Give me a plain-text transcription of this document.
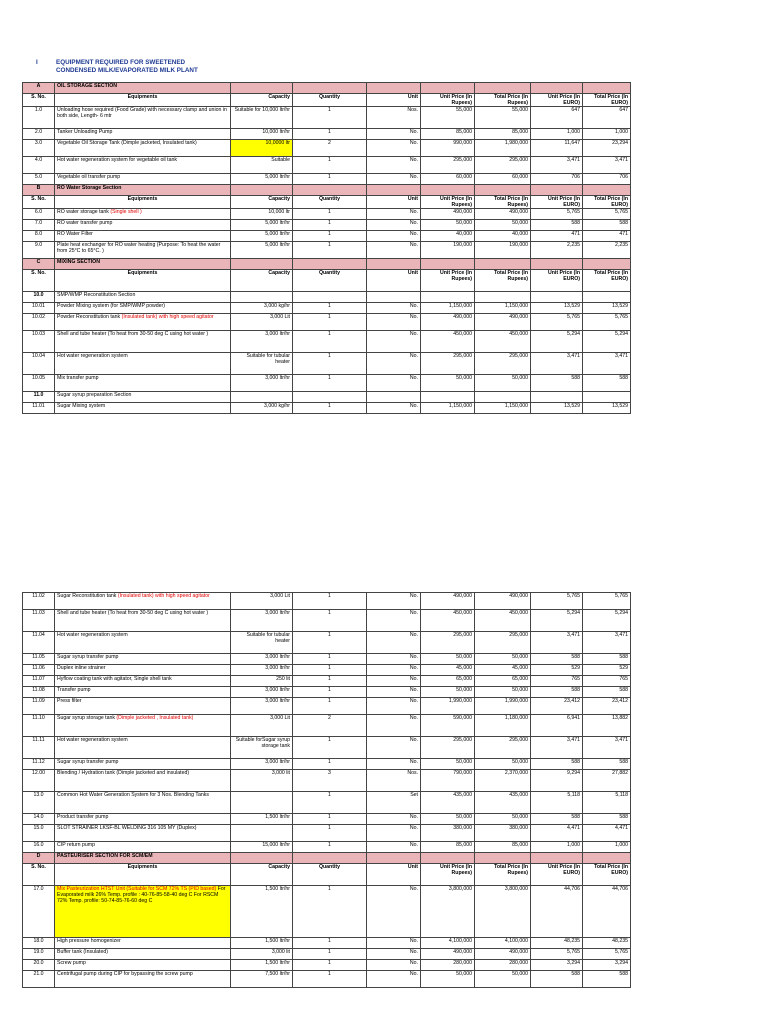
I	EQUIPMENT REQUIRED FOR SWEETENED
CONDENSED MILK/EVAPORATED MILK PLANT
A	OIL STORAGE SECTION							
S. No.	Equipments	Capacity	Quantity	Unit	Unit Price (In Rupees)	Total Price (In Rupees)	Unit Price (In EURO)	Total Price (In EURO)
1.0	Unloading hose required (Food Grade) with necessary clamp and union in both side, Length- 6 mtr	Suitable for 10,000 ltr/hr	1	Nos.	55,000	55,000	647	647
2.0	Tanker Unloading Pump	10,000 ltr/hr	1	No.	85,000	85,000	1,000	1,000
3.0	Vegetable Oil Storage Tank (Dimple jacketed, Insulated tank)	10,0000 ltr	2	No.	990,000	1,980,000	11,647	23,294
4.0	Hot water regeneration system for vegetable oil tank	Suitable	1	No.	295,000	295,000	3,471	3,471
5.0	Vegetable oil transfer pump	5,000 ltr/hr	1	No.	60,000	60,000	706	706
B	RO Water Storage Section							
S. No.	Equipments	Capacity	Quantity	Unit	Unit Price (In Rupees)	Total Price (In Rupees)	Unit Price (In EURO)	Total Price (In EURO)
6.0	RO water storage tank (Single shell )	10,000 ltr	1	No.	490,000	490,000	5,765	5,765
7.0	RO water transfer pump	5,000 ltr/hr	1	No.	50,000	50,000	588	588
8.0	RO Water Filter	5,000 ltr/hr	1	No.	40,000	40,000	471	471
9.0	Plate heat exchanger for RO water heating (Purpose: To heat the water from 25°C to 65°C. )	5,000 ltr/hr	1	No.	190,000	190,000	2,235	2,235
C	MIXING SECTION							
S. No.	Equipments	Capacity	Quantity	Unit	Unit Price (In Rupees)	Total Price (In Rupees)	Unit Price (In EURO)	Total Price (In EURO)
10.0	SMP/WMP Reconstitution Section							
10.01	Powder Mixing system (for SMP/WMP powder)	3,000 kg/hr	1	No.	1,150,000	1,150,000	13,529	13,529
10.02	Powder Reconstitution tank (Insulated tank) with high speed agitator	3,000 Lit	1	No.	490,000	490,000	5,765	5,765
10.03	Shell and tube heater (To heat from 30-50 deg C using hot water )	3,000 ltr/hr	1	No.	450,000	450,000	5,294	5,294
10.04	Hot water regeneration system	Suitable for tubular heater	1	No.	295,000	295,000	3,471	3,471
10.05	Mix transfer pump	3,000 ltr/hr	1	No.	50,000	50,000	588	588
11.0	Sugar syrup preparation Section							
11.01	Sugar Mixing system	3,000 kg/hr	1	No.	1,150,000	1,150,000	13,529	13,529
11.02	Sugar Reconstitution tank (Insulated tank) with high speed agitator	3,000 Lit	1	No.	490,000	490,000	5,765	5,765
11.03	Shell and tube heater (To heat from 30-50 deg C using hot water )	3,000 ltr/hr	1	No.	450,000	450,000	5,294	5,294
11.04	Hot water regeneration system	Suitable for tubular heater	1	No.	295,000	295,000	3,471	3,471
11.05	Sugar syrup transfer pump	3,000 ltr/hr	1	No.	50,000	50,000	588	588
11.06	Duplex inline strainer	3,000 ltr/hr	1	No.	45,000	45,000	529	529
11.07	Hyflow coating tank with agitator, Single shell tank	250 lit	1	No.	65,000	65,000	765	765
11.08	Transfer pump	3,000 ltr/hr	1	No.	50,000	50,000	588	588
11.09	Press filter	3,000 ltr/hr	1	No.	1,990,000	1,990,000	23,412	23,412
11.10	Sugar syrup storage tank (Dimple jacketed , Insulated tank)	3,000 Lit	2	No.	590,000	1,180,000	6,941	13,882
11.11	Hot water regeneration system	Suitable forSugar syrup storage tank	1	No.	295,000	295,000	3,471	3,471
11.12	Sugar syrup transfer pump	3,000 ltr/hr	1	No.	50,000	50,000	588	588
12.00	Blending / Hydration tank (Dimple jacketed and insulated)	3,000 lit	3	Nos.	790,000	2,370,000	9,294	27,882
13.0	Common Hot Water Generation System for 3 Nos. Blending Tanks		1	Set	435,000	435,000	5,118	5,118
14.0	Product transfer pump	1,500 ltr/hr	1	No.	50,000	50,000	588	588
15.0	SLOT STRAINER LKSF-BL WELDING 316 105 MY (Duplex)		1	No.	380,000	380,000	4,471	4,471
16.0	CIP return pump	15,000 ltr/hr	1	No.	85,000	85,000	1,000	1,000
D	PASTEURISER SECTION FOR SCM/EM							
S. No.	Equipments	Capacity	Quantity	Unit	Unit Price (In Rupees)	Total Price (In Rupees)	Unit Price (In EURO)	Total Price (In EURO)
17.0	Mix Pasteurization HTST Unit (Suitable for SCM 72% TS (PID based) For Evaporated milk 26% Temp. profile : 40-76-85-58-40 deg C For RSCM 72% Temp. profile: 50-74-85-76-60 deg C	1,500 ltr/hr	1	No.	3,800,000	3,800,000	44,706	44,706
18.0	High pressure homogenizer	1,500 ltr/hr	1	No.	4,100,000	4,100,000	48,235	48,235
19.0	Buffer tank (Insulated)	3,000 lit	1	No.	490,000	490,000	5,765	5,765
20.0	Screw pump	1,500 ltr/hr	1	No.	280,000	280,000	3,294	3,294
21.0	Centrifugal pump during CIP for bypassing the screw pump	7,500 ltr/hr	1	No.	50,000	50,000	588	588
